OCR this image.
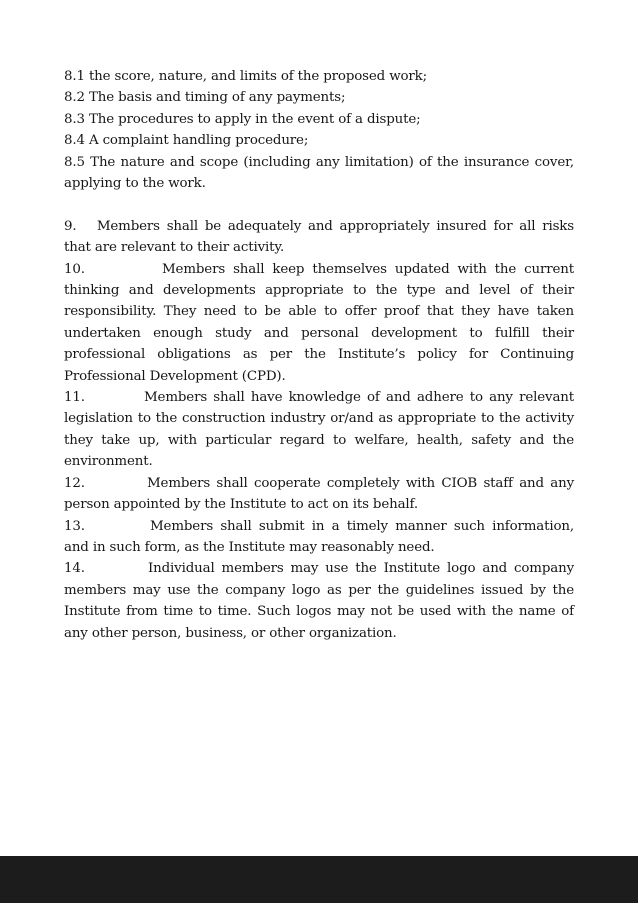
8.1 the score, nature, and limits of the proposed work;

8.2 The basis and timing of any payments;

8.3 The procedures to apply in the event of a dispute;

8.4 A complaint handling procedure;

8.5 The nature and scope (including any limitation) of the insurance cover, applying to the work.

9. Members shall be adequately and appropriately insured for all risks that are relevant to their activity.

10.	Members shall keep themselves updated with the current thinking and developments appropriate to the type and level of their responsibility. They need to be able to offer proof that they have taken undertaken enough study and personal development to fulfill their professional obligations as per the Institute’s policy for Continuing Professional Development (CPD).

11.	Members shall have knowledge of and adhere to any relevant legislation to the construction industry or/and as appropriate to the activity they take up, with particular regard to welfare, health, safety and the environment.

12.	Members shall cooperate completely with CIOB staff and any person appointed by the Institute to act on its behalf.

13.	Members shall submit in a timely manner such information, and in such form, as the Institute may reasonably need.

14.	Individual members may use the Institute logo and company members may use the company logo as per the guidelines issued by the Institute from time to time. Such logos may not be used with the name of any other person, business, or other organization.
